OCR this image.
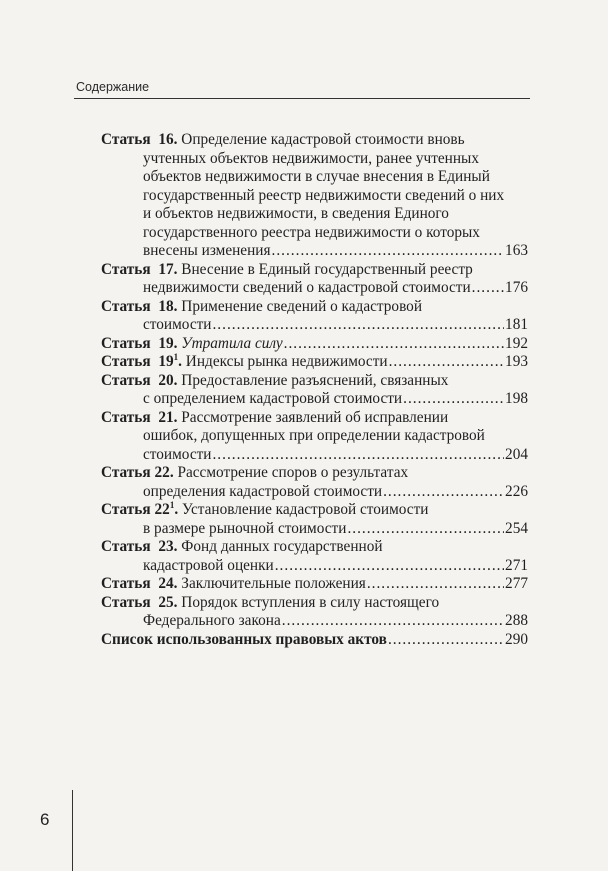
Содержание
Статья 16. Определение кадастровой стоимости вновь
учтенных объектов недвижимости, ранее учтенных
объектов недвижимости в случае внесения в Единый
государственный реестр недвижимости сведений о них
и объектов недвижимости, в сведения Единого
государственного реестра недвижимости о которых
внесены изменения .....	163
Статья 17. Внесение в Единый государственный реестр
недвижимости сведений о кадастровой стоимости ..... 176
Статья 18. Применение сведений о кадастровой
стоимости .....	181
Статья 19. Утратила силу .....	192
Статья $19^1$. Индексы рынка недвижимости .....	193
Статья 20. Предоставление разъяснений, связанных
с определением кадастровой стоимости .....	198
Статья 21. Рассмотрение заявлений об исправлении
ошибок, допущенных при определении кадастровой
стоимости .....	204
Статья 22. Рассмотрение споров о результатах
определения кадастровой стоимости .....	226
Статья $22^1$. Установление кадастровой стоимости
в размере рыночной стоимости .....	254
Статья 23. Фонд данных государственной
кадастровой оценки .....	271
Статья 24. Заключительные положения .....	277
Статья 25. Порядок вступления в силу настоящего
Федерального закона .....	288
Список использованных правовых актов .....	290
6
